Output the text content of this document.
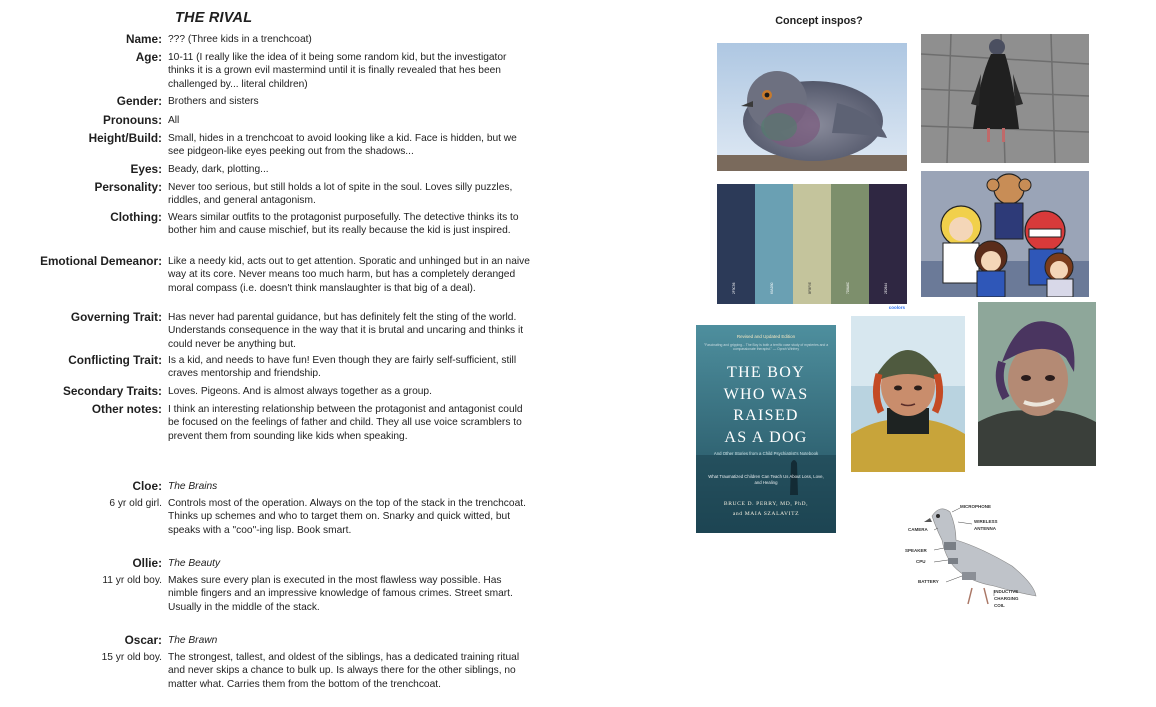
THE RIVAL
Name: ??? (Three kids in a trenchcoat)
Age: 10-11 (I really like the idea of it being some random kid, but the investigator thinks it is a grown evil mastermind until it is finally revealed that hes been challenged by... literal children)
Gender: Brothers and sisters
Pronouns: All
Height/Build: Small, hides in a trenchcoat to avoid looking like a kid. Face is hidden, but we see pidgeon-like eyes peeking out from the shadows...
Eyes: Beady, dark, plotting...
Personality: Never too serious, but still holds a lot of spite in the soul. Loves silly puzzles, riddles, and general antagonism.
Clothing: Wears similar outfits to the protagonist purposefully. The detective thinks its to bother him and cause mischief, but its really because the kid is just inspired.
Emotional Demeanor: Like a needy kid, acts out to get attention. Sporatic and unhinged but in an naive way at its core. Never means too much harm, but has a completely deranged moral compass (i.e. doesn't think manslaughter is that big of a deal).
Governing Trait: Has never had parental guidance, but has definitely felt the sting of the world. Understands consequence in the way that it is brutal and uncaring and thinks it could never be anything but.
Conflicting Trait: Is a kid, and needs to have fun! Even though they are fairly self-sufficient, still craves mentorship and friendship.
Secondary Traits: Loves. Pigeons. And is almost always together as a group.
Other notes: I think an interesting relationship between the protagonist and antagonist could be focused on the feelings of father and child. They all use voice scramblers to prevent them from sounding like kids when speaking.
Cloe: The Brains
6 yr old girl. Controls most of the operation. Always on the top of the stack in the trenchcoat. Thinks up schemes and who to target them on. Snarky and quick witted, but speaks with a "coo"-ing lisp. Book smart.
Ollie: The Beauty
11 yr old boy. Makes sure every plan is executed in the most flawless way possible. Has nimble fingers and an impressive knowledge of famous crimes. Street smart. Usually in the middle of the stack.
Oscar: The Brawn
15 yr old boy. The strongest, tallest, and oldest of the siblings, has a dedicated training ritual and never skips a chance to bulk up. Is always there for the other siblings, no matter what. Carries them from the bottom of the trenchcoat.
Concept inspos?
2F3C56	69A2B0	BFBF9E	7D8A6C	2E2644
coolors
Revised and Updated Edition
"Fascinating and gripping... The Boy is both a terrific case study of mysteries and a compassionate therapist." — Oprah Winfrey
THE BOY
WHO WAS
RAISED
AS A DOG
And Other Stories from a Child Psychiatrist's Notebook
What Traumatized Children Can Teach Us About Loss, Love, and Healing
BRUCE D. PERRY, MD, PhD,
and MAIA SZALAVITZ
MICROPHONE
WIRELESS
ANTENNA
CAMERA
SPEAKER
CPU
BATTERY
INDUCTIVE
CHARGING
COIL
